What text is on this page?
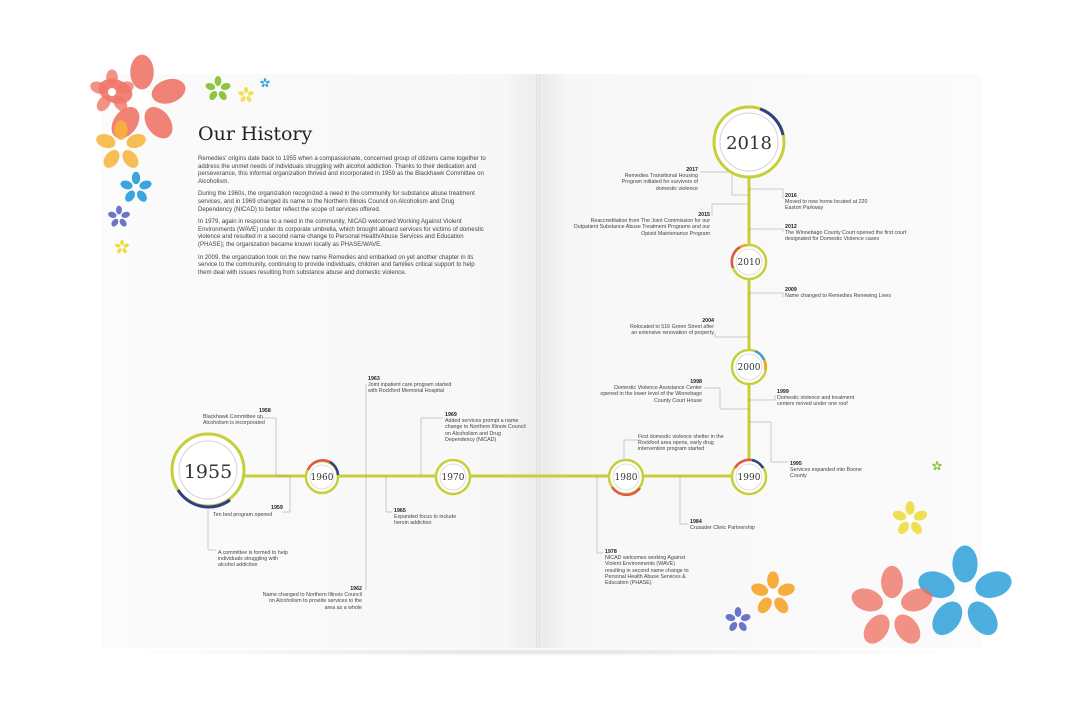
1955	1960	1970	1980	1990
2000
2010
2018
Our History

Remedies' origins date back to 1955 when a compassionate, concerned group of citizens came together to address the unmet needs of individuals struggling with alcohol addiction. Thanks to their dedication and perseverance, this informal organization thrived and incorporated in 1959 as the Blackhawk Committee on Alcoholism.

During the 1960s, the organization recognized a need in the community for substance abuse treatment services, and in 1969 changed its name to the Northern Illinois Council on Alcoholism and Drug Dependency (NICAD) to better reflect the scope of services offered.

In 1979, again in response to a need in the community, NICAD welcomed Working Against Violent Environments (WAVE) under its corporate umbrella, which brought aboard services for victims of domestic violence and resulted in a second name change to Personal Health/Abuse Services and Education (PHASE); the organization became known locally as PHASE/WAVE.

In 2009, the organization took on the new name Remedies and embarked on yet another chapter in its service to the community, continuing to provide individuals, children and families critical support to help them deal with issues resulting from substance abuse and domestic violence.

1958
Blackhawk Committee on Alcoholism is incorporated
1959
Ten bed program opened
A committee is formed to help individuals struggling with alcohol addiction
1963
Joint inpatient care program started with Rockford Memorial Hospital
1962
Name changed to Northern Illinois Council on Alcoholism to provide services to the area as a whole
1965
Expanded focus to include heroin addiction
1969
Added services prompt a name change to Northern Illinois Council on Alcoholism and Drug Dependency (NICAD)
1978
NICAD welcomes working Against Violent Environments (WAVE) resulting in second name change to Personal Health Abuse Services & Education (PHASE)
First domestic violence shelter in the Rockford area opens, early drug intervention program started
1984
Crusader Clinic Partnership
1998
Domestic Violence Assistance Center opened in the lower level of the Winnebago County Court House
1999
Domestic violence and treatment centers moved under one roof
1995
Services expanded into Boone County
2004
Relocated to 516 Green Street after an extensive renovation of property
2009
Name changed to Remedies Renewing Lives
2015
Reaccreditation from The Joint Commission for our Outpatient Substance Abuse Treatment Programs and our Opioid Maintenance Program
2012
The Winnebago County Court opened the first court designated for Domestic Violence cases
2017
Remedies Transitional Housing Program initiated for survivors of domestic violence
2016
Moved to new home located at 220 Easton Parkway
